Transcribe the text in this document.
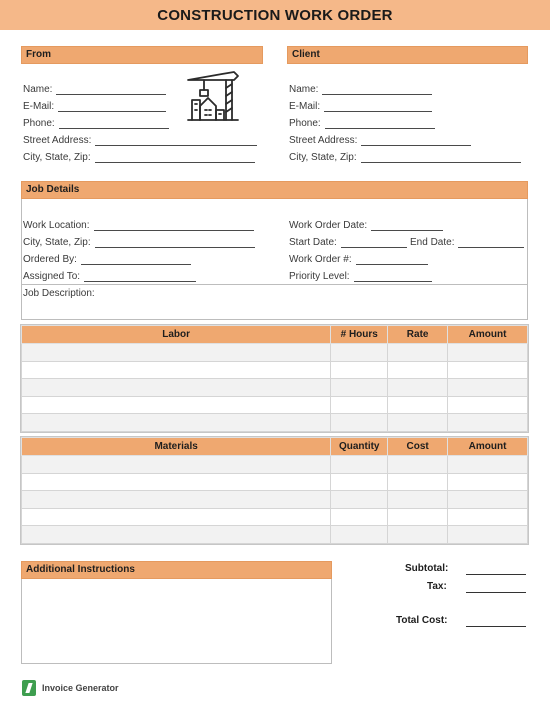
CONSTRUCTION WORK ORDER
From
Name:
E-Mail:
Phone:
Street Address:
City, State, Zip:
Client
Name:
E-Mail:
Phone:
Street Address:
City, State, Zip:
Job Details
Work Location:
City, State, Zip:
Ordered By:
Assigned To:
Work Order Date:
Start Date:	End Date:
Work Order #:
Priority Level:
Job Description:
Labor	# Hours	Rate	Amount

Materials	Quantity	Cost	Amount

Additional Instructions	Subtotal:
Tax:
Total Cost:
Invoice Generator
